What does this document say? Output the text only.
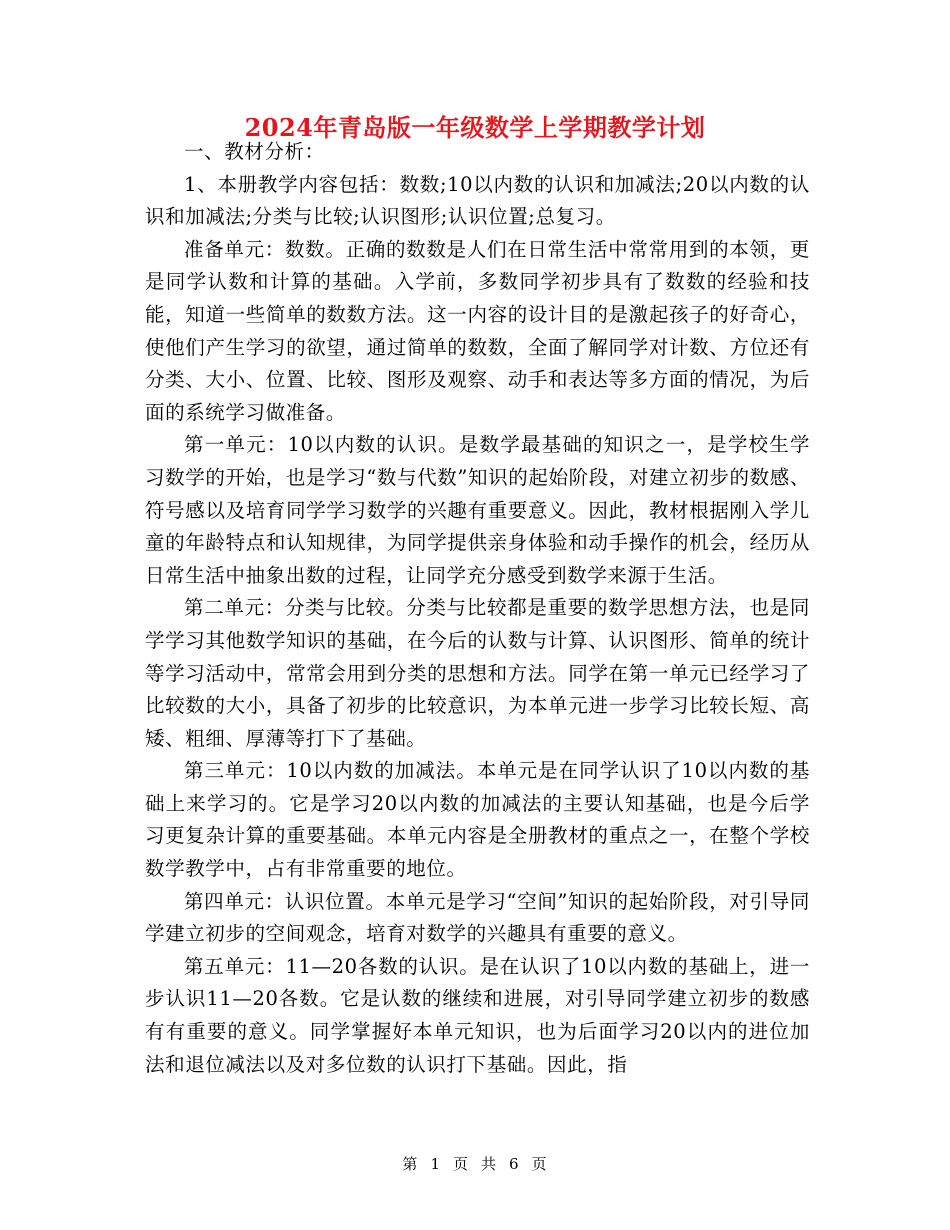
2024年青岛版一年级数学上学期教学计划

一、教材分析：

1、本册教学内容包括：数数;10以内数的认识和加减法;20以内数的认识和加减法;分类与比较;认识图形;认识位置;总复习。

准备单元：数数。正确的数数是人们在日常生活中常常用到的本领，更是同学认数和计算的基础。入学前，多数同学初步具有了数数的经验和技能，知道一些简单的数数方法。这一内容的设计目的是激起孩子的好奇心，使他们产生学习的欲望，通过简单的数数，全面了解同学对计数、方位还有分类、大小、位置、比较、图形及观察、动手和表达等多方面的情况，为后面的系统学习做准备。

第一单元：10以内数的认识。是数学最基础的知识之一，是学校生学习数学的开始，也是学习“数与代数”知识的起始阶段，对建立初步的数感、符号感以及培育同学学习数学的兴趣有重要意义。因此，教材根据刚入学儿童的年龄特点和认知规律，为同学提供亲身体验和动手操作的机会，经历从日常生活中抽象出数的过程，让同学充分感受到数学来源于生活。

第二单元：分类与比较。分类与比较都是重要的数学思想方法，也是同学学习其他数学知识的基础，在今后的认数与计算、认识图形、简单的统计等学习活动中，常常会用到分类的思想和方法。同学在第一单元已经学习了比较数的大小，具备了初步的比较意识，为本单元进一步学习比较长短、高矮、粗细、厚薄等打下了基础。

第三单元：10以内数的加减法。本单元是在同学认识了10以内数的基础上来学习的。它是学习20以内数的加减法的主要认知基础，也是今后学习更复杂计算的重要基础。本单元内容是全册教材的重点之一，在整个学校数学教学中，占有非常重要的地位。

第四单元：认识位置。本单元是学习“空间”知识的起始阶段，对引导同学建立初步的空间观念，培育对数学的兴趣具有重要的意义。

第五单元：11—20各数的认识。是在认识了10以内数的基础上，进一步认识11—20各数。它是认数的继续和进展，对引导同学建立初步的数感有有重要的意义。同学掌握好本单元知识，也为后面学习20以内的进位加法和退位减法以及对多位数的认识打下基础。因此，指

第 1 页 共 6 页
